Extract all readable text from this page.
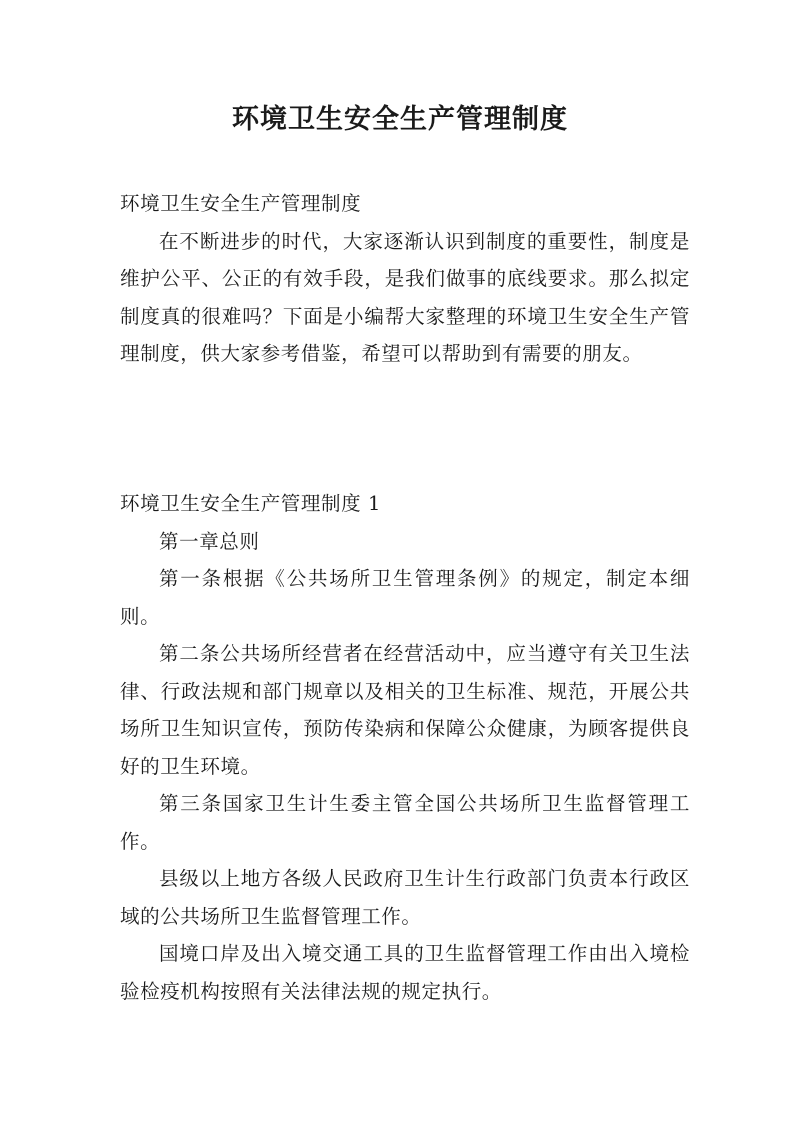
环境卫生安全生产管理制度

环境卫生安全生产管理制度

在不断进步的时代，大家逐渐认识到制度的重要性，制度是维护公平、公正的有效手段，是我们做事的底线要求。那么拟定制度真的很难吗？下面是小编帮大家整理的环境卫生安全生产管理制度，供大家参考借鉴，希望可以帮助到有需要的朋友。

环境卫生安全生产管理制度 1

第一章总则

第一条根据《公共场所卫生管理条例》的规定，制定本细则。

第二条公共场所经营者在经营活动中，应当遵守有关卫生法律、行政法规和部门规章以及相关的卫生标准、规范，开展公共场所卫生知识宣传，预防传染病和保障公众健康，为顾客提供良好的卫生环境。

第三条国家卫生计生委主管全国公共场所卫生监督管理工作。

县级以上地方各级人民政府卫生计生行政部门负责本行政区域的公共场所卫生监督管理工作。

国境口岸及出入境交通工具的卫生监督管理工作由出入境检验检疫机构按照有关法律法规的规定执行。
